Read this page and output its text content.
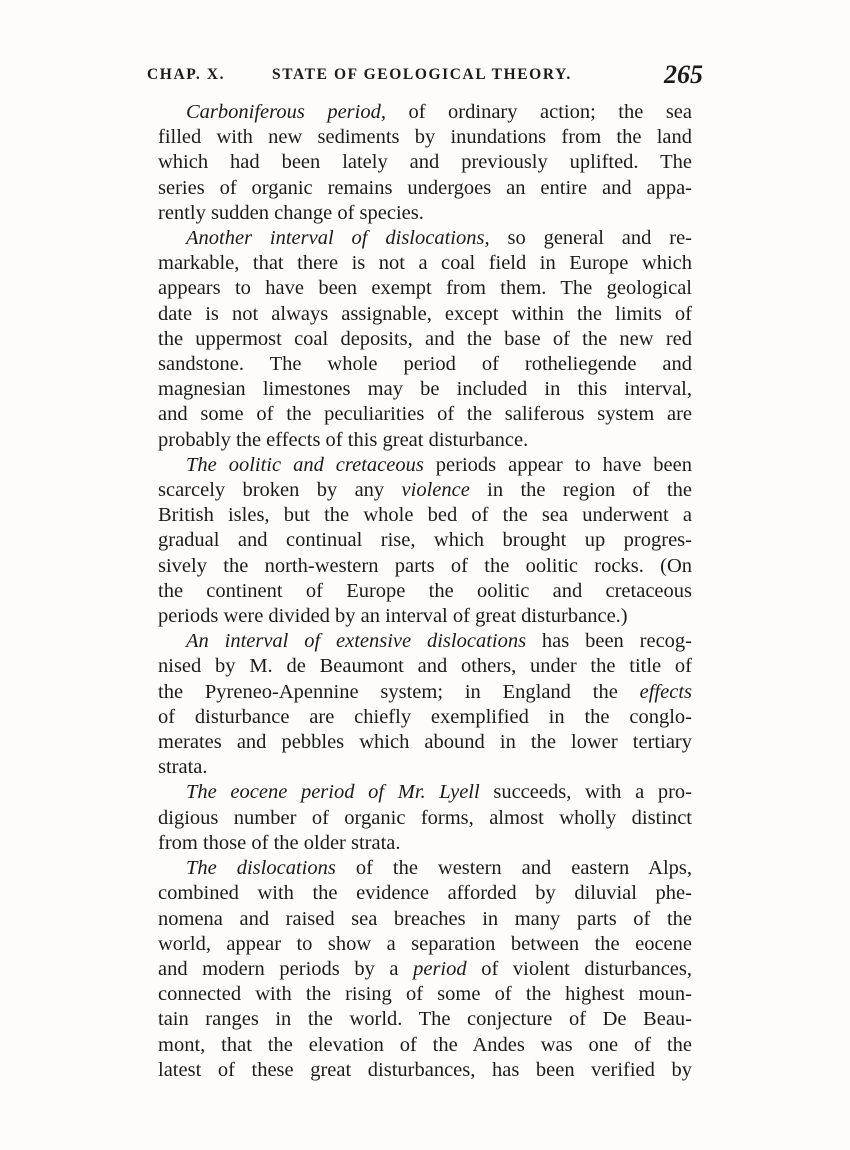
CHAP. X.	STATE OF GEOLOGICAL THEORY.	265
Carboniferous period, of ordinary action; the sea
filled with new sediments by inundations from the land
which had been lately and previously uplifted. The
series of organic remains undergoes an entire and appa-
rently sudden change of species.
Another interval of dislocations, so general and re-
markable, that there is not a coal field in Europe which
appears to have been exempt from them. The geological
date is not always assignable, except within the limits of
the uppermost coal deposits, and the base of the new red
sandstone. The whole period of rotheliegende and
magnesian limestones may be included in this interval,
and some of the peculiarities of the saliferous system are
probably the effects of this great disturbance.
The oolitic and cretaceous periods appear to have been
scarcely broken by any violence in the region of the
British isles, but the whole bed of the sea underwent a
gradual and continual rise, which brought up progres-
sively the north-western parts of the oolitic rocks. (On
the continent of Europe the oolitic and cretaceous
periods were divided by an interval of great disturbance.)
An interval of extensive dislocations has been recog-
nised by M. de Beaumont and others, under the title of
the Pyreneo-Apennine system; in England the effects
of disturbance are chiefly exemplified in the conglo-
merates and pebbles which abound in the lower tertiary
strata.
The eocene period of Mr. Lyell succeeds, with a pro-
digious number of organic forms, almost wholly distinct
from those of the older strata.
The dislocations of the western and eastern Alps,
combined with the evidence afforded by diluvial phe-
nomena and raised sea breaches in many parts of the
world, appear to show a separation between the eocene
and modern periods by a period of violent disturbances,
connected with the rising of some of the highest moun-
tain ranges in the world. The conjecture of De Beau-
mont, that the elevation of the Andes was one of the
latest of these great disturbances, has been verified by
